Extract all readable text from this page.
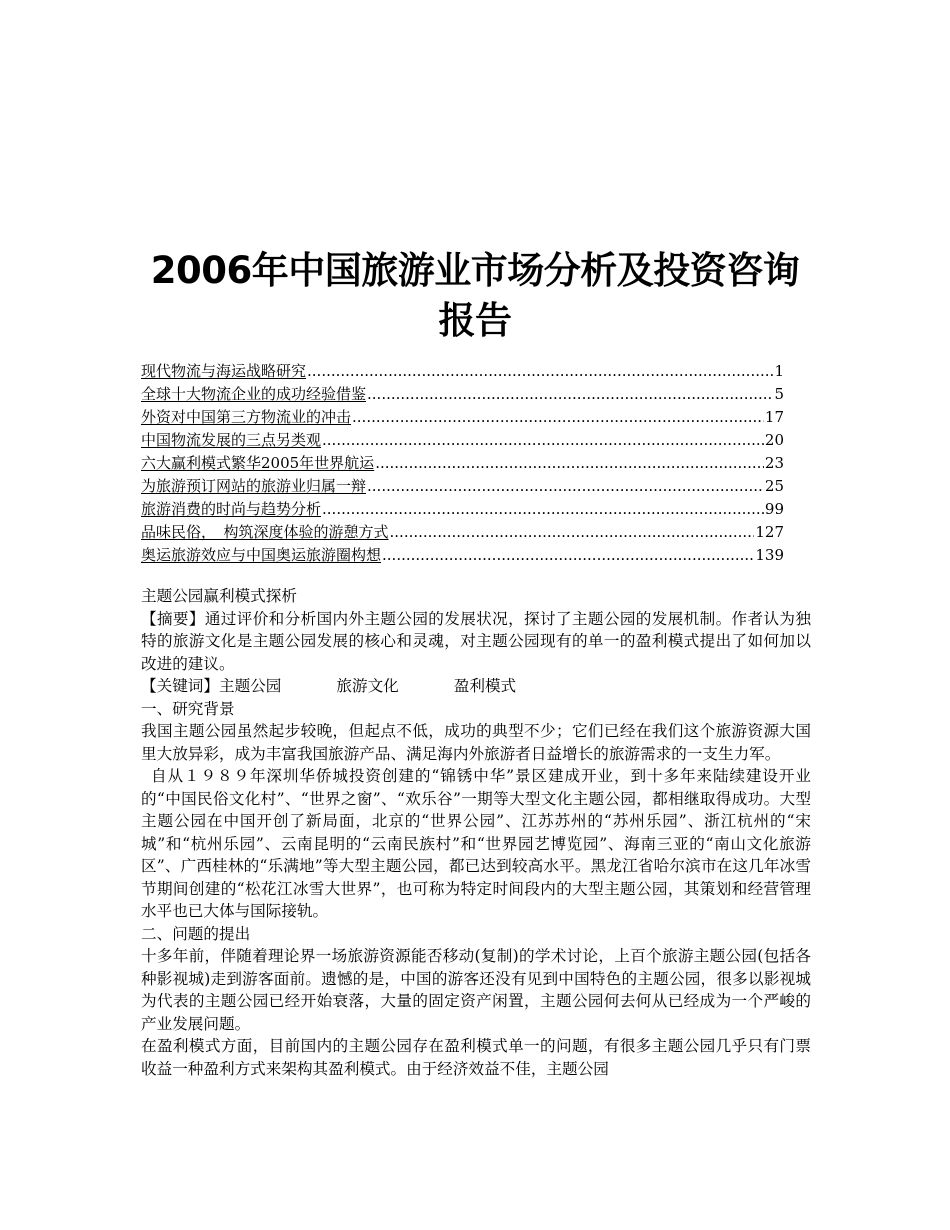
2006年中国旅游业市场分析及投资咨询报告
现代物流与海运战略研究 .....	1
全球十大物流企业的成功经验借鉴 .....	5
外资对中国第三方物流业的冲击 .....	17
中国物流发展的三点另类观 .....	20
六大赢利模式繁华2005年世界航运 .....	23
为旅游预订网站的旅游业归属一辩 .....	25
旅游消费的时尚与趋势分析 .....	99
品味民俗，　构筑深度体验的游憩方式 .....	127
奥运旅游效应与中国奥运旅游圈构想 .....	139

主题公园赢利模式探析

【摘要】通过评价和分析国内外主题公园的发展状况，探讨了主题公园的发展机制。作者认为独特的旅游文化是主题公园发展的核心和灵魂，对主题公园现有的单一的盈利模式提出了如何加以改进的建议。

【关键词】主题公园	旅游文化	盈利模式

一、研究背景

我国主题公园虽然起步较晚，但起点不低，成功的典型不少；它们已经在我们这个旅游资源大国里大放异彩，成为丰富我国旅游产品、满足海内外旅游者日益增长的旅游需求的一支生力军。

自从１９８９年深圳华侨城投资创建的“锦锈中华”景区建成开业，到十多年来陆续建设开业的“中国民俗文化村”、“世界之窗”、“欢乐谷”一期等大型文化主题公园，都相继取得成功。大型主题公园在中国开创了新局面，北京的“世界公园”、江苏苏州的“苏州乐园”、浙江杭州的“宋城”和“杭州乐园”、云南昆明的“云南民族村”和“世界园艺博览园”、海南三亚的“南山文化旅游区”、广西桂林的“乐满地”等大型主题公园，都已达到较高水平。黑龙江省哈尔滨市在这几年冰雪节期间创建的“松花江冰雪大世界”，也可称为特定时间段内的大型主题公园，其策划和经营管理水平也已大体与国际接轨。

二、问题的提出

十多年前，伴随着理论界一场旅游资源能否移动(复制)的学术讨论，上百个旅游主题公园(包括各种影视城)走到游客面前。遗憾的是，中国的游客还没有见到中国特色的主题公园，很多以影视城为代表的主题公园已经开始衰落，大量的固定资产闲置，主题公园何去何从已经成为一个严峻的产业发展问题。

在盈利模式方面，目前国内的主题公园存在盈利模式单一的问题，有很多主题公园几乎只有门票收益一种盈利方式来架构其盈利模式。由于经济效益不佳，主题公园
